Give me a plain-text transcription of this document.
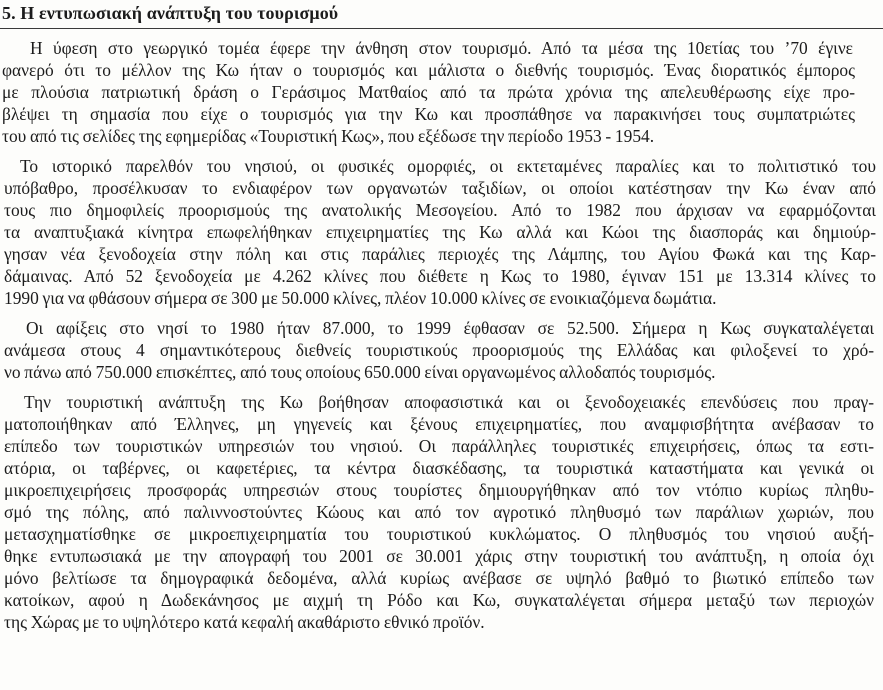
5. Η εντυπωσιακή ανάπτυξη του τουρισμού
Η ύφεση στο γεωργικό τομέα έφερε την άνθηση στον τουρισμό. Από τα μέσα της 10ετίας του ’70 έγινε
φανερό ότι το μέλλον της Κω ήταν ο τουρισμός και μάλιστα ο διεθνής τουρισμός. Ένας διορατικός έμπορος
με πλούσια πατριωτική δράση ο Γεράσιμος Ματθαίος από τα πρώτα χρόνια της απελευθέρωσης είχε προ-
βλέψει τη σημασία που είχε ο τουρισμός για την Κω και προσπάθησε να παρακινήσει τους συμπατριώτες
του από τις σελίδες της εφημερίδας «Τουριστική Κως», που εξέδωσε την περίοδο 1953 - 1954.
Το ιστορικό παρελθόν του νησιού, οι φυσικές ομορφιές, οι εκτεταμένες παραλίες και το πολιτιστικό του
υπόβαθρο, προσέλκυσαν το ενδιαφέρον των οργανωτών ταξιδίων, οι οποίοι κατέστησαν την Κω έναν από
τους πιο δημοφιλείς προορισμούς της ανατολικής Μεσογείου. Από το 1982 που άρχισαν να εφαρμόζονται
τα αναπτυξιακά κίνητρα επωφελήθηκαν επιχειρηματίες της Κω αλλά και Κώοι της διασποράς και δημιούρ-
γησαν νέα ξενοδοχεία στην πόλη και στις παράλιες περιοχές της Λάμπης, του Αγίου Φωκά και της Καρ-
δάμαινας. Από 52 ξενοδοχεία με 4.262 κλίνες που διέθετε η Κως το 1980, έγιναν 151 με 13.314 κλίνες το
1990 για να φθάσουν σήμερα σε 300 με 50.000 κλίνες, πλέον 10.000 κλίνες σε ενοικιαζόμενα δωμάτια.
Οι αφίξεις στο νησί το 1980 ήταν 87.000, το 1999 έφθασαν σε 52.500. Σήμερα η Κως συγκαταλέγεται
ανάμεσα στους 4 σημαντικότερους διεθνείς τουριστικούς προορισμούς της Ελλάδας και φιλοξενεί το χρό-
νο πάνω από 750.000 επισκέπτες, από τους οποίους 650.000 είναι οργανωμένος αλλοδαπός τουρισμός.
Την τουριστική ανάπτυξη της Κω βοήθησαν αποφασιστικά και οι ξενοδοχειακές επενδύσεις που πραγ-
ματοποιήθηκαν από Έλληνες, μη γηγενείς και ξένους επιχειρηματίες, που αναμφισβήτητα ανέβασαν το
επίπεδο των τουριστικών υπηρεσιών του νησιού. Οι παράλληλες τουριστικές επιχειρήσεις, όπως τα εστι-
ατόρια, οι ταβέρνες, οι καφετέριες, τα κέντρα διασκέδασης, τα τουριστικά καταστήματα και γενικά οι
μικροεπιχειρήσεις προσφοράς υπηρεσιών στους τουρίστες δημιουργήθηκαν από τον ντόπιο κυρίως πληθυ-
σμό της πόλης, από παλιννοστούντες Κώους και από τον αγροτικό πληθυσμό των παράλιων χωριών, που
μετασχηματίσθηκε σε μικροεπιχειρηματία του τουριστικού κυκλώματος. Ο πληθυσμός του νησιού αυξή-
θηκε εντυπωσιακά με την απογραφή του 2001 σε 30.001 χάρις στην τουριστική του ανάπτυξη, η οποία όχι
μόνο βελτίωσε τα δημογραφικά δεδομένα, αλλά κυρίως ανέβασε σε υψηλό βαθμό το βιωτικό επίπεδο των
κατοίκων, αφού η Δωδεκάνησος με αιχμή τη Ρόδο και Κω, συγκαταλέγεται σήμερα μεταξύ των περιοχών
της Χώρας με το υψηλότερο κατά κεφαλή ακαθάριστο εθνικό προϊόν.
